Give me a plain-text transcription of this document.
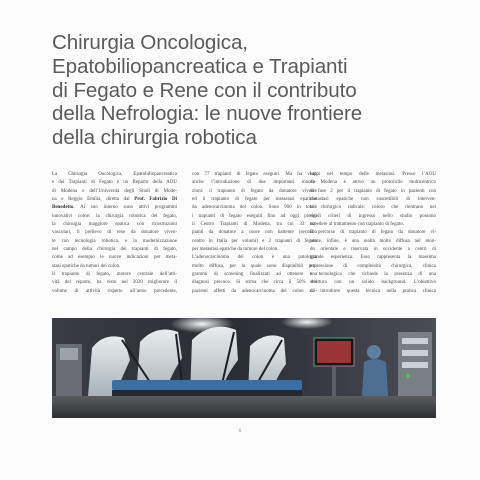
Chirurgia Oncologica,
Epatobiliopancreatica e Trapianti
di Fegato e Rene con il contributo
della Nefrologia: le nuove frontiere
della chirurgia robotica

La Chirurgia Oncologica, Epatobiliopancreatica
e dei Trapianti di Fegato è un Reparto della AOU
di Modena e dell’Università degli Studi di Mode-
na e Reggio Emilia, diretta dal Prof. Fabrizio Di
Benedetto. Al suo interno sono attivi programmi
innovativi come: la chirurgia robotica del fegato,
la chirurgia maggiore epatica con ricostruzioni
vascolari, il prelievo di rene da donatore viven-
te con tecnologia robotica, e la modernizzazione
nel campo della chirurgia dei trapianti di fegato,
come ad esempio le nuove indicazioni per meta-
stasi epatiche da tumori del colon.
Il trapianto di fegato, motore centrale dell’atti-
vità del reparto, ha visto nel 2020 migliorare il
volume di attività rispetto all’anno precedente,

con 77 trapianti di fegato eseguiti. Ma ha visto
anche l’introduzione di due importanti innova-
zioni: il trapianto di fegato da donatore vivente
ed il trapianto di fegato per metastasi epatiche
da adenocarcinoma del colon. Sono 900 in totale
i trapianti di fegato eseguiti fino ad oggi presso
il Centro Trapianti di Modena, tra cui 33 tra-
pianti da donatore a cuore non battente (secondo
centro in Italia per volumi) e 2 trapianti di fegato
per metastasi epatiche da tumore del colon.
L’adenocarcinoma del colon è una patologia
molto diffusa, per la quale sono disponibili pro-
grammi di screening finalizzati ad ottenere una
diagnosi precoce. Si stima che circa il 50% dei
pazienti affetti da adenocarcinoma del colon svi-

luppi nel tempo delle metastasi. Presso l’AOU
di Modena è attivo un protocollo multicentrico
di fase 2 per il trapianto di fegato in pazienti con
metastasi epatiche non suscettibili di interven-
to chirurgico radicale: coloro che rientrano nei
rigidi criteri di ingresso nello studio possono
accedere al trattamento con trapianto di fegato.
Il percorso di trapianto di fegato da donatore vi-
vente, infine, è una realtà molto diffusa nel mon-
do orientale e riservata in occidente a centri di
grande esperienza. Esso rappresenta la massima
espressione di complessità chirurgica, clinica
e tecnologica che richiede la presenza di una
struttura con un solido background. L’obiettivo
di introdurre questa tecnica nella pratica clinica

6
